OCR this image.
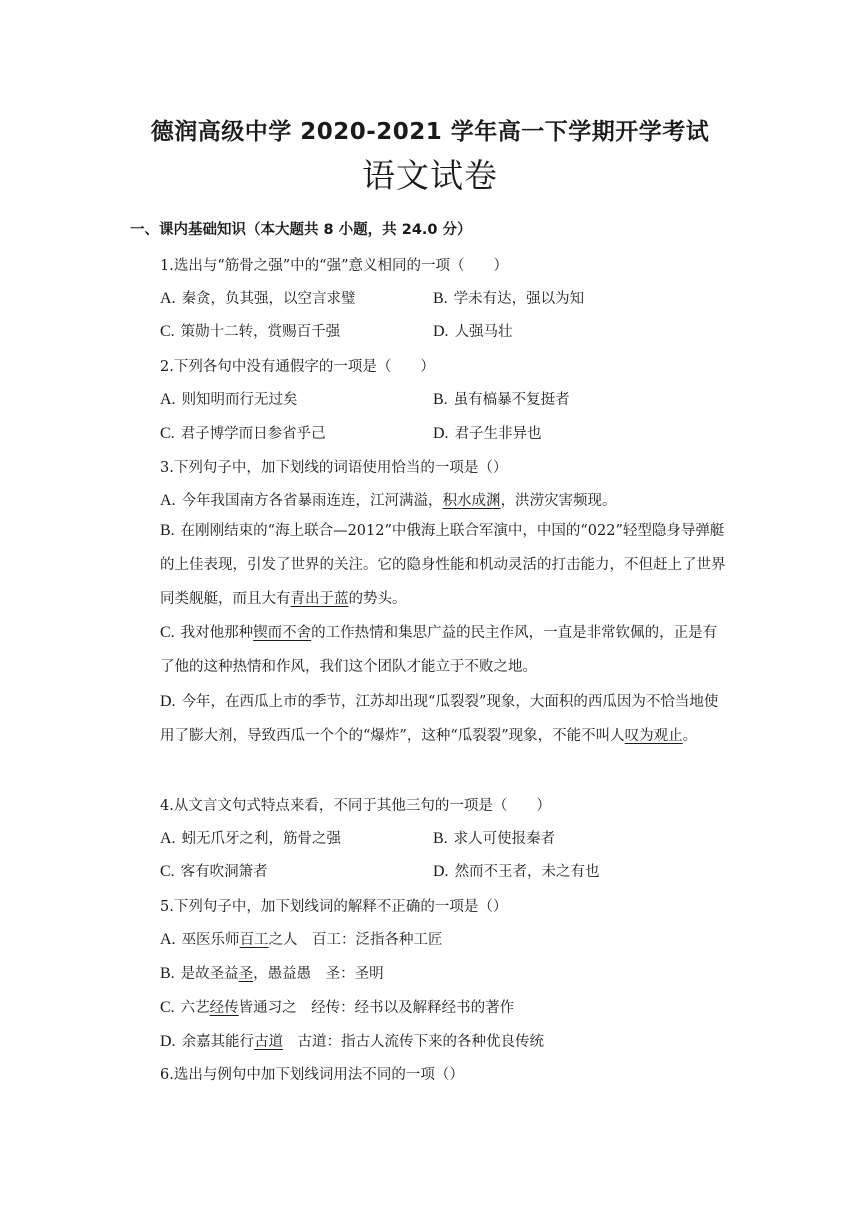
德润高级中学 2020-2021 学年高一下学期开学考试
语文试卷
一、课内基础知识（本大题共 8 小题，共 24.0 分）
1.选出与“筋骨之强”中的“强”意义相同的一项（　　）
A. 秦贪，负其强，以空言求璧	B. 学未有达，强以为知
C. 策勋十二转，赏赐百千强	D. 人强马壮
2.下列各句中没有通假字的一项是（　　）
A. 则知明而行无过矣	B. 虽有槁暴不复挺者
C. 君子博学而日参省乎己	D. 君子生非异也
3.下列句子中，加下划线的词语使用恰当的一项是（）
A. 今年我国南方各省暴雨连连，江河满溢，积水成渊，洪涝灾害频现。
B. 在刚刚结束的“海上联合—2012”中俄海上联合军演中，中国的“022”轻型隐身导弹艇的上佳表现，引发了世界的关注。它的隐身性能和机动灵活的打击能力，不但赶上了世界同类舰艇，而且大有青出于蓝的势头。
C. 我对他那种锲而不舍的工作热情和集思广益的民主作风，一直是非常钦佩的，正是有了他的这种热情和作风，我们这个团队才能立于不败之地。
D. 今年，在西瓜上市的季节，江苏却出现“瓜裂裂”现象，大面积的西瓜因为不恰当地使用了膨大剂，导致西瓜一个个的“爆炸”，这种“瓜裂裂”现象，不能不叫人叹为观止。
4.从文言文句式特点来看，不同于其他三句的一项是（　　）
A. 蚓无爪牙之利，筋骨之强	B. 求人可使报秦者
C. 客有吹洞箫者	D. 然而不王者，未之有也
5.下列句子中，加下划线词的解释不正确的一项是（）
A. 巫医乐师百工之人　百工：泛指各种工匠
B. 是故圣益圣，愚益愚　圣：圣明
C. 六艺经传皆通习之　经传：经书以及解释经书的著作
D. 余嘉其能行古道　古道：指古人流传下来的各种优良传统
6.选出与例句中加下划线词用法不同的一项（）
